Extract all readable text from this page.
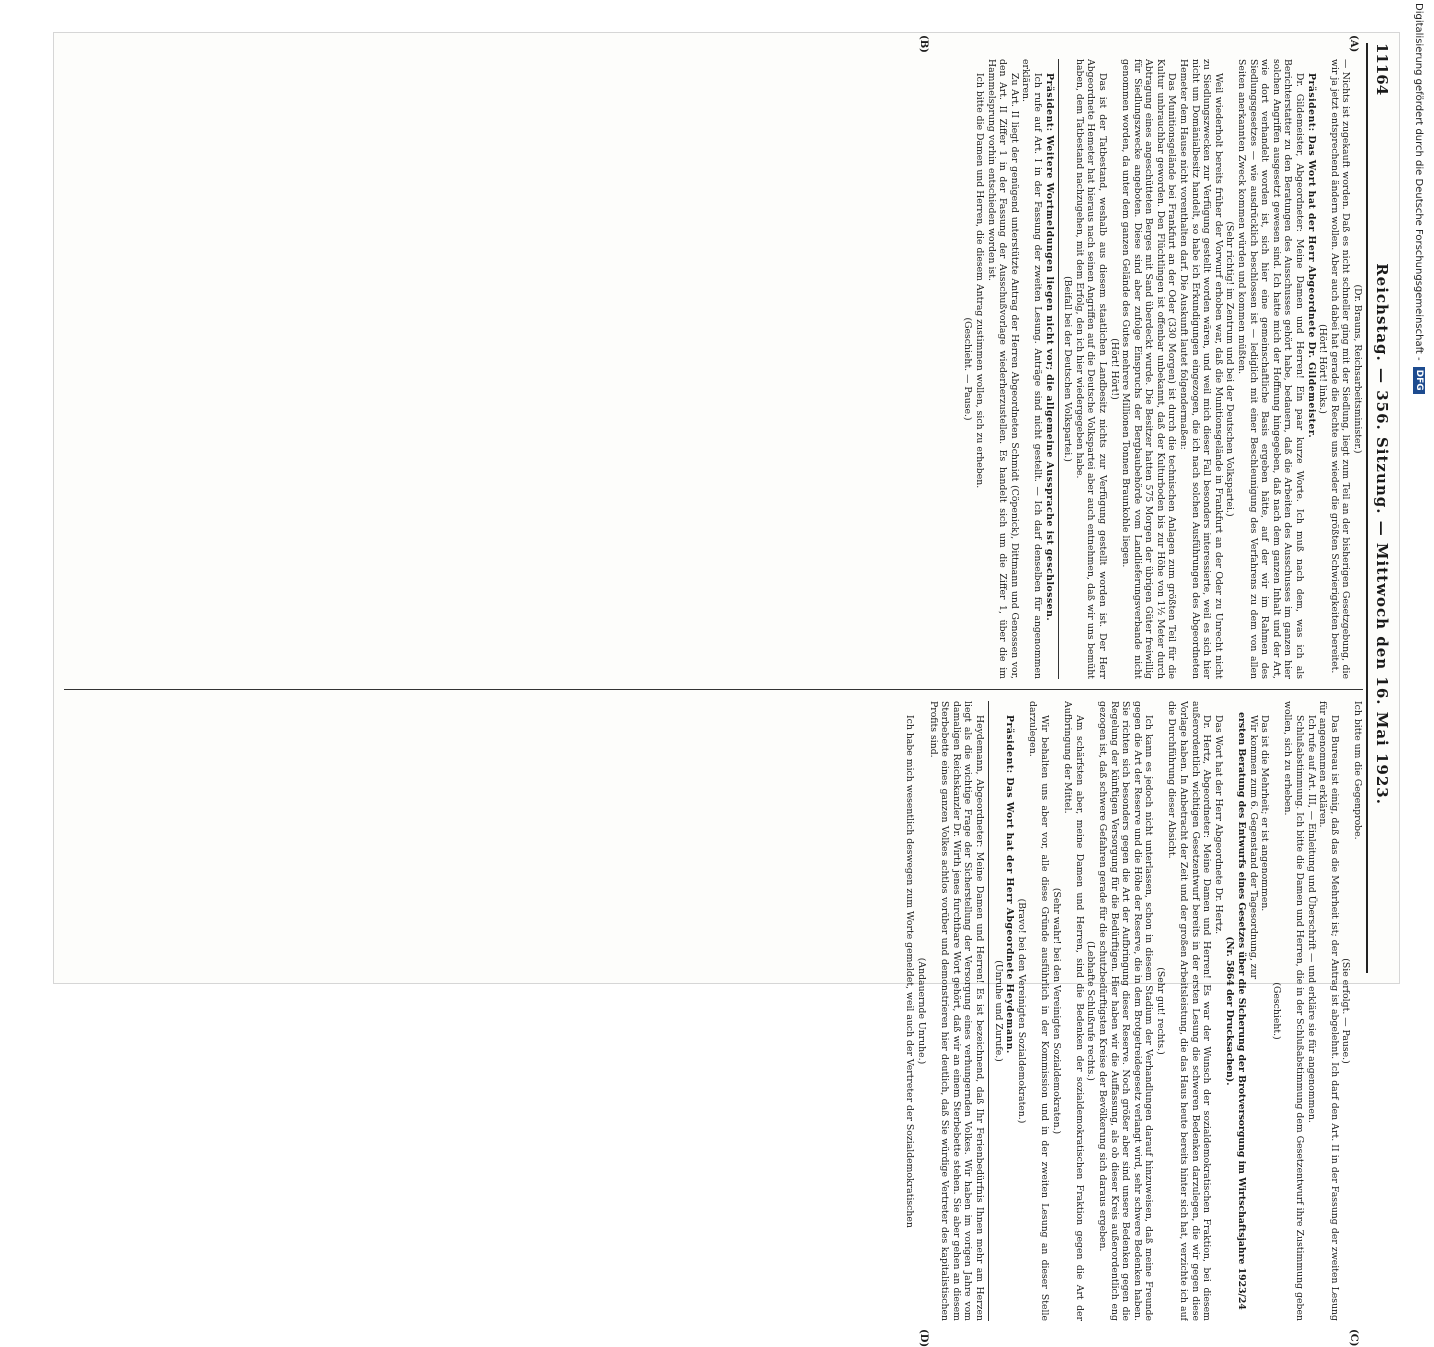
11164
Reichstag. — 356. Sitzung. — Mittwoch den 16. Mai 1923.
(A)
(B)
(C)
(D)

(Dr. Brauns, Reichsarbeitsminister.)

— Nichts ist zugekauft worden. Daß es nicht schneller ging mit der Siedlung, liegt zum Teil an der bisherigen Gesetzgebung, die wir ja jetzt entsprechend ändern wollen. Aber auch dabei hat gerade die Rechte uns wieder die größten Schwierigkeiten bereitet.

(Hört! Hört! links.)

Präsident: Das Wort hat der Herr Abgeordnete Dr. Gildemeister.

Dr. Gildemeister, Abgeordneter: Meine Damen und Herren! Ein paar kurze Worte. Ich muß nach dem, was ich als Berichterstatter zu den Beratungen des Ausschusses gehört habe, bedauern, daß die Arbeiten des Ausschusses im ganzen hier solchen Angriffen ausgesetzt gewesen sind. Ich hatte mich der Hoffnung hingegeben, daß nach dem ganzen Inhalt und der Art, wie dort verhandelt worden ist, sich hier eine gemeinschaftliche Basis ergeben hätte, auf der wir im Rahmen des Siedlungsgesetzes — wie ausdrücklich beschlossen ist — lediglich mit einer Beschleunigung des Verfahrens zu dem von allen Seiten anerkannten Zweck kommen würden und kommen müßten.

(Sehr richtig! im Zentrum und bei der Deutschen Volkspartei.)

Weil wiederholt bereits früher der Vorwurf erhoben war, daß die Munitionsgelände in Frankfurt an der Oder zu Unrecht nicht zu Siedlungszwecken zur Verfügung gestellt worden wären, und weil mich dieser Fall besonders interessierte, weil es sich hier nicht um Domänialbesitz handelt, so habe ich Erkundigungen eingezogen, die ich nach solchen Ausführungen des Abgeordneten Hemeter dem Hause nicht vorenthalten darf. Die Auskunft lautet folgendermaßen:

Das Munitionsgelände bei Frankfurt an der Oder (330 Morgen) ist durch die technischen Anlagen zum größten Teil für die Kultur unbrauchbar geworden. Den Flüchtlingen ist offenbar unbekannt, daß der Kulturboden bis zur Höhe von 1½ Meter durch Abtragung eines angeschütteten Berges mit Sand überdeckt wurde. Die Besitzer hatten 575 Morgen der übrigen Güter freiwillig für Siedlungszwecke angeboten. Diese sind aber zufolge Einspruchs der Bergbaubehörde vom Landlieferungsverbande nicht genommen worden, da unter dem ganzen Gelände des Gutes mehrere Millionen Tonnen Braunkohle liegen.

(Hört! Hört!)

Das ist der Tatbestand, weshalb aus diesem staatlichen Landbesitz nichts zur Verfügung gestellt worden ist. Der Herr Abgeordnete Hemeter hat hieraus nach seinen Angriffen auf die Deutsche Volkspartei aber auch entnehmen, daß wir uns bemüht haben, dem Tatbestand nachzugehen, mit dem Erfolg, den ich hier wiedergegeben habe.

(Beifall bei der Deutschen Volkspartei.)

Präsident: Weitere Wortmeldungen liegen nicht vor; die allgemeine Aussprache ist geschlossen.

Ich rufe auf Art. I in der Fassung der zweiten Lesung. Anträge sind nicht gestellt. — Ich darf denselben für angenommen erklären.

Zu Art. II liegt der genügend unterstützte Antrag der Herren Abgeordneten Schmidt (Cöpenick), Dittmann und Genossen vor, den Art. II Ziffer 1 in der Fassung der Ausschußvorlage wiederherzustellen. Es handelt sich um die Ziffer 1, über die im Hammelsprung vorhin entschieden worden ist.

Ich bitte die Damen und Herren, die diesem Antrag zustimmen wollen, sich zu erheben.

(Geschieht. — Pause.)

Ich bitte um die Gegenprobe.

(Sie erfolgt. — Pause.)

Das Bureau ist einig, daß das die Mehrheit ist; der Antrag ist abgelehnt. Ich darf den Art. II in der Fassung der zweiten Lesung für angenommen erklären.

Ich rufe auf Art. III, — Einleitung und Überschrift — und erkläre sie für angenommen.

Schlußabstimmung. Ich bitte die Damen und Herren, die in der Schlußabstimmung dem Gesetzentwurf ihre Zustimmung geben wollen, sich zu erheben.

(Geschieht.)

Das ist die Mehrheit; er ist angenommen.

Wir kommen zum 6. Gegenstand der Tagesordnung, zur

ersten Beratung des Entwurfs eines Gesetzes über die Sicherung der Brotversorgung im Wirtschaftsjahre 1923/24 (Nr. 5864 der Drucksachen).

Das Wort hat der Herr Abgeordnete Dr. Hertz.

Dr. Hertz, Abgeordneter: Meine Damen und Herren! Es war der Wunsch der sozialdemokratischen Fraktion, bei diesem außerordentlich wichtigen Gesetzentwurf bereits in der ersten Lesung die schweren Bedenken darzulegen, die wir gegen diese Vorlage haben. In Anbetracht der Zeit und der großen Arbeitsleistung, die das Haus heute bereits hinter sich hat, verzichte ich auf die Durchführung dieser Absicht.

(Sehr gut! rechts.)

Ich kann es jedoch nicht unterlassen, schon in diesem Stadium der Verhandlungen darauf hinzuweisen, daß meine Freunde gegen die Art der Reserve und die Höhe der Reserve, die in dem Brotgetreidegesetz verlangt wird, sehr schwere Bedenken haben. Sie richten sich besonders gegen die Art der Aufbringung dieser Reserve. Noch größer aber sind unsere Bedenken gegen die Regelung der künftigen Versorgung für die Bedürftigen. Hier haben wir die Auffassung, als ob dieser Kreis außerordentlich eng gezogen ist, daß schwere Gefahren gerade für die schutzbedürftigsten Kreise der Bevölkerung sich daraus ergeben.

(Lebhafte Schlußrufe rechts.)

Am schärfsten aber, meine Damen und Herren, sind die Bedenken der sozialdemokratischen Fraktion gegen die Art der Aufbringung der Mittel.

(Sehr wahr! bei den Vereinigten Sozialdemokraten.)

Wir behalten uns aber vor, alle diese Gründe ausführlich in der Kommission und in der zweiten Lesung an dieser Stelle darzulegen.

(Bravo! bei den Vereinigten Sozialdemokraten.)

Präsident: Das Wort hat der Herr Abgeordnete Heydemann.

(Unruhe und Zurufe.)

Heydemann, Abgeordneter: Meine Damen und Herren! Es ist bezeichnend, daß Ihr Ferienbedürfnis Ihnen mehr am Herzen liegt als die wichtige Frage der Sicherstellung der Versorgung eines verhungernden Volkes. Wir haben im vorigen Jahre vom damaligen Reichskanzler Dr. Wirth jenes furchtbare Wort gehört, daß wir an einem Sterbebette stehen. Sie aber gehen an diesem Sterbebette eines ganzen Volkes achtlos vorüber und demonstrieren hier deutlich, daß Sie würdige Vertreter des kapitalistischen Profits sind.

(Andauernde Unruhe.)

Ich habe mich wesentlich deswegen zum Worte gemeldet, weil auch der Vertreter der Sozialdemokratischen

Digitalisierung gefördert durch die Deutsche Forschungsgemeinschaft -
DFG
